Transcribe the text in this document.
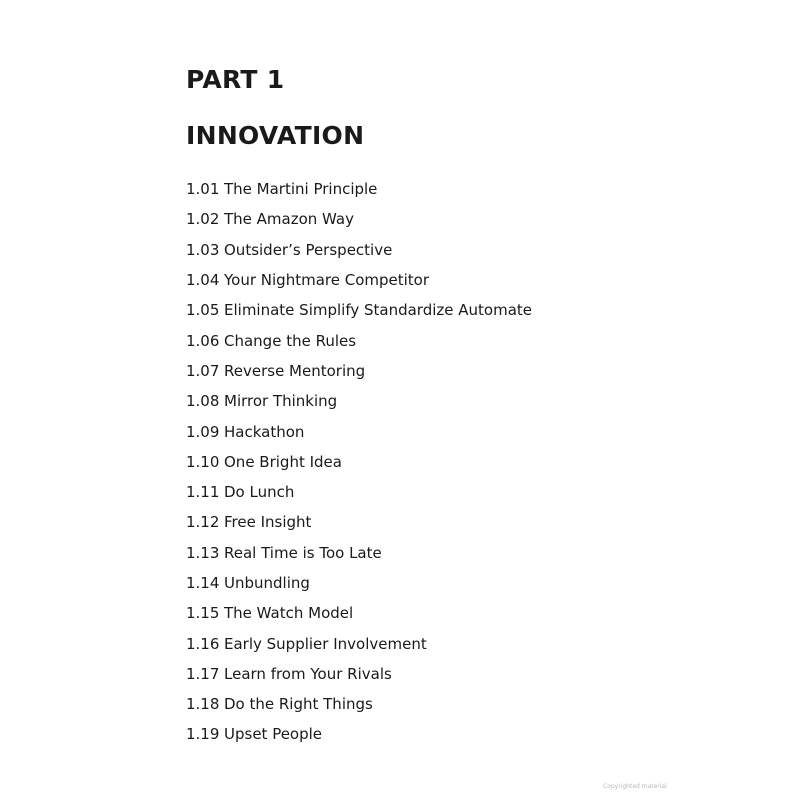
PART 1
INNOVATION
1.01 The Martini Principle
1.02 The Amazon Way
1.03 Outsider’s Perspective
1.04 Your Nightmare Competitor
1.05 Eliminate Simplify Standardize Automate
1.06 Change the Rules
1.07 Reverse Mentoring
1.08 Mirror Thinking
1.09 Hackathon
1.10 One Bright Idea
1.11 Do Lunch
1.12 Free Insight
1.13 Real Time is Too Late
1.14 Unbundling
1.15 The Watch Model
1.16 Early Supplier Involvement
1.17 Learn from Your Rivals
1.18 Do the Right Things
1.19 Upset People
Copyrighted material
